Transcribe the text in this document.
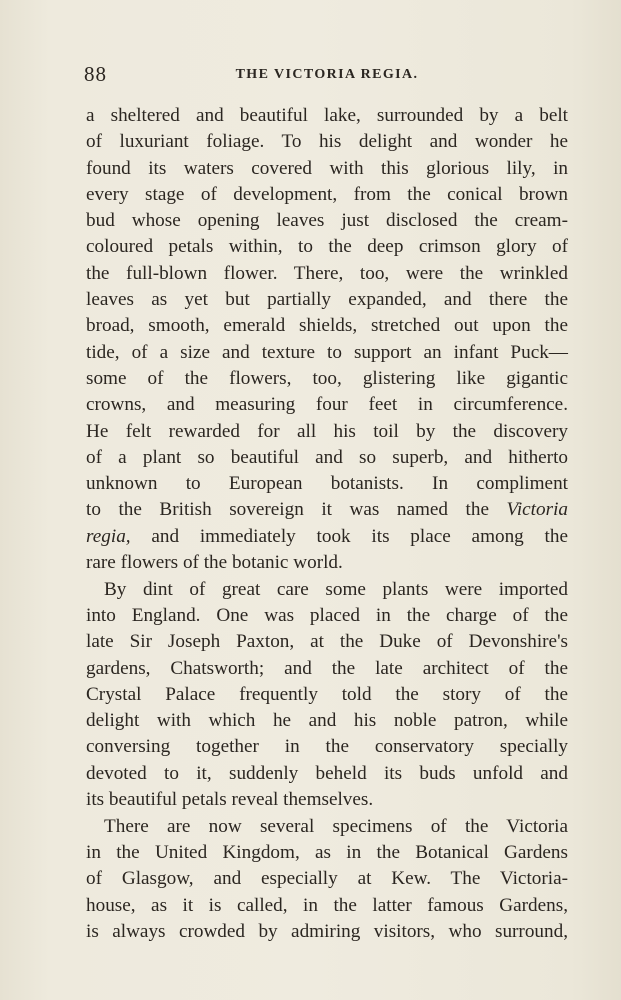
88	THE VICTORIA REGIA.
a sheltered and beautiful lake, surrounded by a belt
of luxuriant foliage. To his delight and wonder he
found its waters covered with this glorious lily, in
every stage of development, from the conical brown
bud whose opening leaves just disclosed the cream-
coloured petals within, to the deep crimson glory of
the full-blown flower. There, too, were the wrinkled
leaves as yet but partially expanded, and there the
broad, smooth, emerald shields, stretched out upon the
tide, of a size and texture to support an infant Puck—
some of the flowers, too, glistering like gigantic
crowns, and measuring four feet in circumference.
He felt rewarded for all his toil by the discovery
of a plant so beautiful and so superb, and hitherto
unknown to European botanists. In compliment
to the British sovereign it was named the Victoria
regia, and immediately took its place among the
rare flowers of the botanic world.
By dint of great care some plants were imported
into England. One was placed in the charge of the
late Sir Joseph Paxton, at the Duke of Devonshire's
gardens, Chatsworth; and the late architect of the
Crystal Palace frequently told the story of the
delight with which he and his noble patron, while
conversing together in the conservatory specially
devoted to it, suddenly beheld its buds unfold and
its beautiful petals reveal themselves.
There are now several specimens of the Victoria
in the United Kingdom, as in the Botanical Gardens
of Glasgow, and especially at Kew. The Victoria-
house, as it is called, in the latter famous Gardens,
is always crowded by admiring visitors, who surround,
